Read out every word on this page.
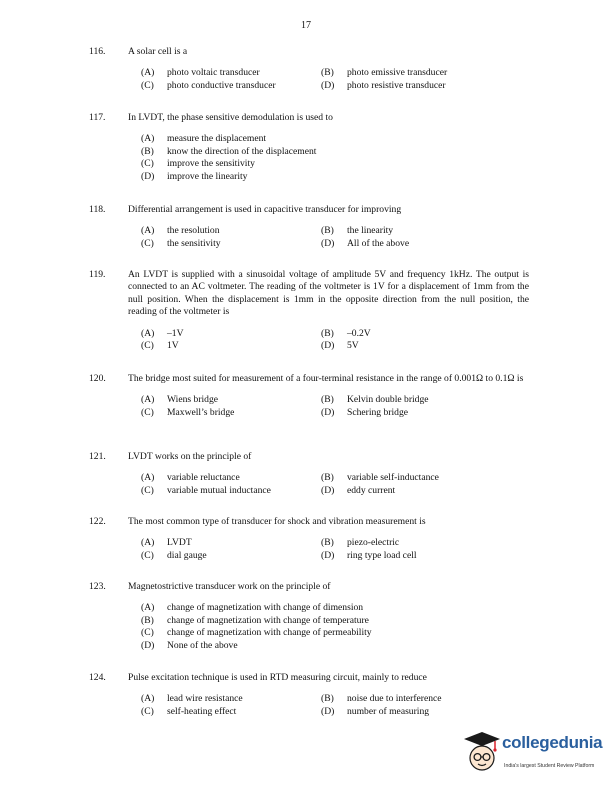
17
116.	A solar cell is a
(A)	photo voltaic transducer	(B)	photo emissive transducer
(C)	photo conductive transducer	(D)	photo resistive transducer
117.	In LVDT, the phase sensitive demodulation is used to
(A)	measure the displacement
(B)	know the direction of the displacement
(C)	improve the sensitivity
(D)	improve the linearity
118.	Differential arrangement is used in capacitive transducer for improving
(A)	the resolution	(B)	the linearity
(C)	the sensitivity	(D)	All of the above
119.	An LVDT is supplied with a sinusoidal voltage of amplitude 5V and frequency 1kHz. The output is connected to an AC voltmeter. The reading of the voltmeter is 1V for a displacement of 1mm from the null position. When the displacement is 1mm in the opposite direction from the null position, the reading of the voltmeter is
(A)	–1V	(B)	–0.2V
(C)	1V	(D)	5V
120.	The bridge most suited for measurement of a four-terminal resistance in the range of 0.001Ω to 0.1Ω is
(A)	Wiens bridge	(B)	Kelvin double bridge
(C)	Maxwell’s bridge	(D)	Schering bridge
121.	LVDT works on the principle of
(A)	variable reluctance	(B)	variable self-inductance
(C)	variable mutual inductance	(D)	eddy current
122.	The most common type of transducer for shock and vibration measurement is
(A)	LVDT	(B)	piezo-electric
(C)	dial gauge	(D)	ring type load cell
123.	Magnetostrictive transducer work on the principle of
(A)	change of magnetization with change of dimension
(B)	change of magnetization with change of temperature
(C)	change of magnetization with change of permeability
(D)	None of the above
124.	Pulse excitation technique is used in RTD measuring circuit, mainly to reduce
(A)	lead wire resistance	(B)	noise due to interference
(C)	self-heating effect	(D)	number of measuring
collegedunia
India's largest Student Review Platform
